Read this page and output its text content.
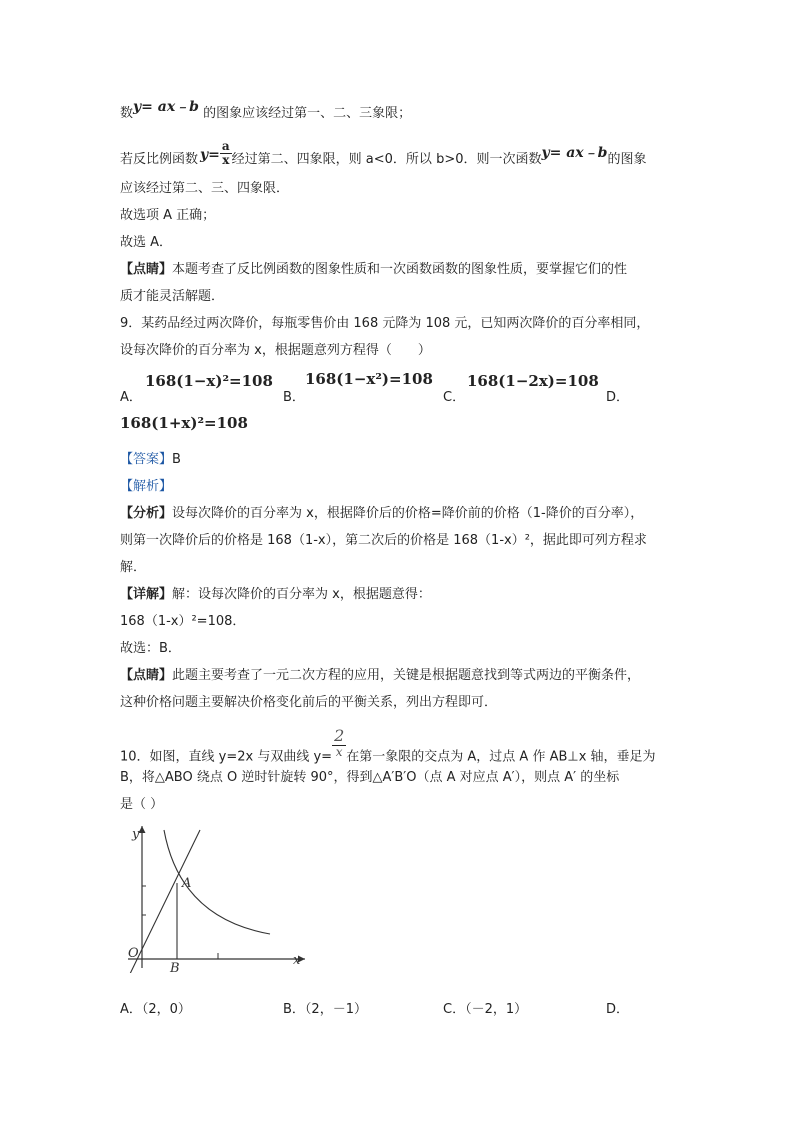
数y= ax﹣b 的图象应该经过第一、二、三象限；
若反比例函数 $y= \frac{a}{x}$ 经过第二、四象限，则 a<0．所以 b>0．则一次函数y= ax﹣b的图象
应该经过第二、三、四象限．
故选项 A 正确；
故选 A．
【点睛】本题考查了反比例函数的图象性质和一次函数函数的图象性质，要掌握它们的性
质才能灵活解题．
9．某药品经过两次降价，每瓶零售价由 168 元降为 108 元，已知两次降价的百分率相同，
设每次降价的百分率为 x，根据题意列方程得（　　）
A．
168(1−x)²=108
B．
168(1−x²)=108
C．
168(1−2x)=108
D．
168(1+x)²=108
【答案】B
【解析】
【分析】设每次降价的百分率为 x，根据降价后的价格=降价前的价格（1-降价的百分率），
则第一次降价后的价格是 168（1-x），第二次后的价格是 168（1-x）²，据此即可列方程求
解．
【详解】解：设每次降价的百分率为 x，根据题意得：
168（1-x）²=108．
故选：B．
【点睛】此题主要考查了一元二次方程的应用，关键是根据题意找到等式两边的平衡条件，
这种价格问题主要解决价格变化前后的平衡关系，列出方程即可．
10．如图，直线 y=2x 与双曲线 $y= \frac{2}{x}$ 在第一象限的交点为 A，过点 A 作 AB⊥x 轴，垂足为
B，将△ABO 绕点 O 逆时针旋转 90°，得到△A′B′O（点 A 对应点 A′），则点 A′ 的坐标
是（ ）
y
x
O
A
B
A．（2，0）	B．（2，－1）	C．（－2，1）	D．
